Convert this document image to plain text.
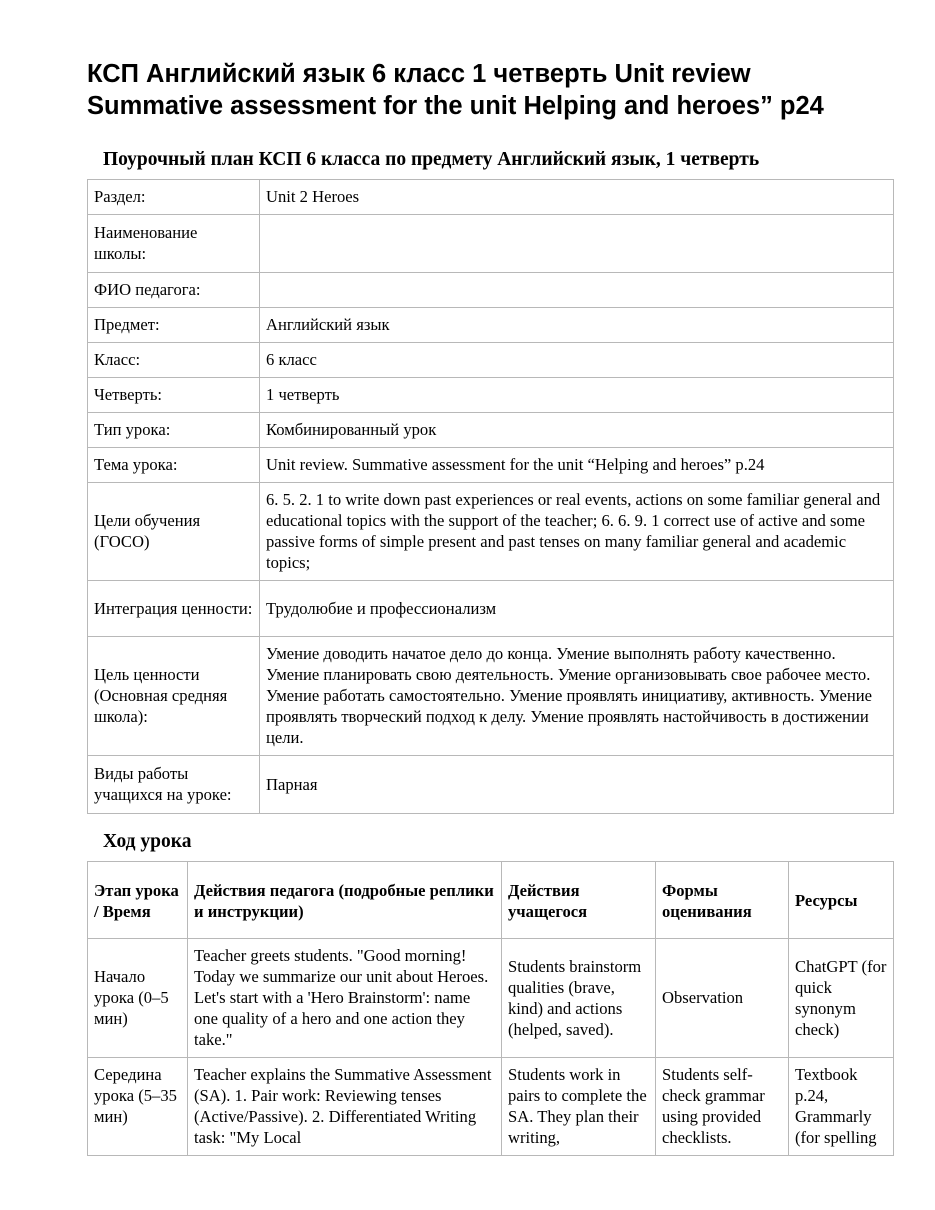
КСП Английский язык 6 класс 1 четверть Unit review
Summative assessment for the unit Helping and heroes” p24
Поурочный план КСП 6 класса по предмету Английский язык, 1 четверть
Раздел:	Unit 2 Heroes
Наименование школы:	
ФИО педагога:	
Предмет:	Английский язык
Класс:	6 класс
Четверть:	1 четверть
Тип урока:	Комбинированный урок
Тема урока:	Unit review. Summative assessment for the unit “Helping and heroes” p.24
Цели обучения (ГОСО)	6. 5. 2. 1 to write down past experiences or real events, actions on some familiar general and educational topics with the support of the teacher; 6. 6. 9. 1 correct use of active and some passive forms of simple present and past tenses on many familiar general and academic topics;
Интеграция ценности:	Трудолюбие и профессионализм
Цель ценности (Основная средняя школа):	Умение доводить начатое дело до конца. Умение выполнять работу качественно. Умение планировать свою деятельность. Умение организовывать свое рабочее место. Умение работать самостоятельно. Умение проявлять инициативу, активность. Умение проявлять творческий подход к делу. Умение проявлять настойчивость в достижении цели.
Виды работы учащихся на уроке:	Парная
Ход урока
Этап урока / Время	Действия педагога (подробные реплики и инструкции)	Действия учащегося	Формы оценивания	Ресурсы
Начало урока (0–5 мин)	Teacher greets students. "Good morning! Today we summarize our unit about Heroes. Let's start with a 'Hero Brainstorm': name one quality of a hero and one action they take."	Students brainstorm qualities (brave, kind) and actions (helped, saved).	Observation	ChatGPT (for quick synonym check)
Середина урока (5–35 мин)	Teacher explains the Summative Assessment (SA). 1. Pair work: Reviewing tenses (Active/Passive). 2. Differentiated Writing task: "My Local	Students work in pairs to complete the SA. They plan their writing,	Students self-check grammar using provided checklists.	Textbook p.24, Grammarly (for spelling
